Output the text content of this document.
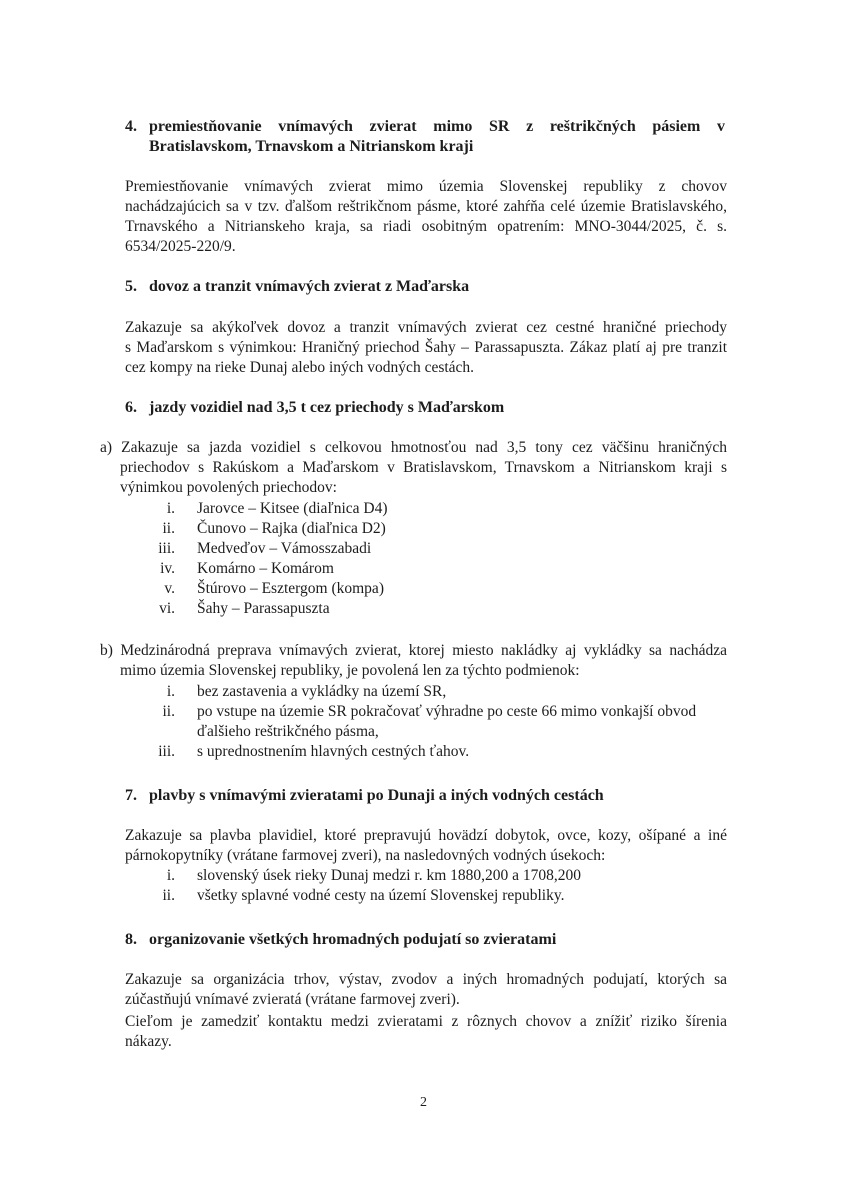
4. premiestňovanie vnímavých zvierat mimo SR z reštrikčných pásiem v
Bratislavskom, Trnavskom a Nitrianskom kraji
Premiestňovanie vnímavých zvierat mimo územia Slovenskej republiky z chovov
nachádzajúcich sa v tzv. ďalšom reštrikčnom pásme, ktoré zahŕňa celé územie Bratislavského,
Trnavského a Nitrianskeho kraja, sa riadi osobitným opatrením: MNO-3044/2025, č. s.
6534/2025-220/9.
5. dovoz a tranzit vnímavých zvierat z Maďarska
Zakazuje sa akýkoľvek dovoz a tranzit vnímavých zvierat cez cestné hraničné priechody
s Maďarskom s výnimkou: Hraničný priechod Šahy – Parassapuszta. Zákaz platí aj pre tranzit
cez kompy na rieke Dunaj alebo iných vodných cestách.
6. jazdy vozidiel nad 3,5 t cez priechody s Maďarskom
a) Zakazuje sa jazda vozidiel s celkovou hmotnosťou nad 3,5 tony cez väčšinu hraničných
priechodov s Rakúskom a Maďarskom v Bratislavskom, Trnavskom a Nitrianskom kraji s
výnimkou povolených priechodov:
i. Jarovce – Kitsee (diaľnica D4)
ii. Čunovo – Rajka (diaľnica D2)
iii. Medveďov – Vámosszabadi
iv. Komárno – Komárom
v. Štúrovo – Esztergom (kompa)
vi. Šahy – Parassapuszta
b) Medzinárodná preprava vnímavých zvierat, ktorej miesto nakládky aj vykládky sa nachádza
mimo územia Slovenskej republiky, je povolená len za týchto podmienok:
i. bez zastavenia a vykládky na území SR,
ii. po vstupe na územie SR pokračovať výhradne po ceste 66 mimo vonkajší obvod
ďalšieho reštrikčného pásma,
iii. s uprednostnením hlavných cestných ťahov.
7. plavby s vnímavými zvieratami po Dunaji a iných vodných cestách
Zakazuje sa plavba plavidiel, ktoré prepravujú hovädzí dobytok, ovce, kozy, ošípané a iné
párnokopytníky (vrátane farmovej zveri), na nasledovných vodných úsekoch:
i. slovenský úsek rieky Dunaj medzi r. km 1880,200 a 1708,200
ii. všetky splavné vodné cesty na území Slovenskej republiky.
8. organizovanie všetkých hromadných podujatí so zvieratami
Zakazuje sa organizácia trhov, výstav, zvodov a iných hromadných podujatí, ktorých sa
zúčastňujú vnímavé zvieratá (vrátane farmovej zveri).
Cieľom je zamedziť kontaktu medzi zvieratami z rôznych chovov a znížiť riziko šírenia
nákazy.
2
